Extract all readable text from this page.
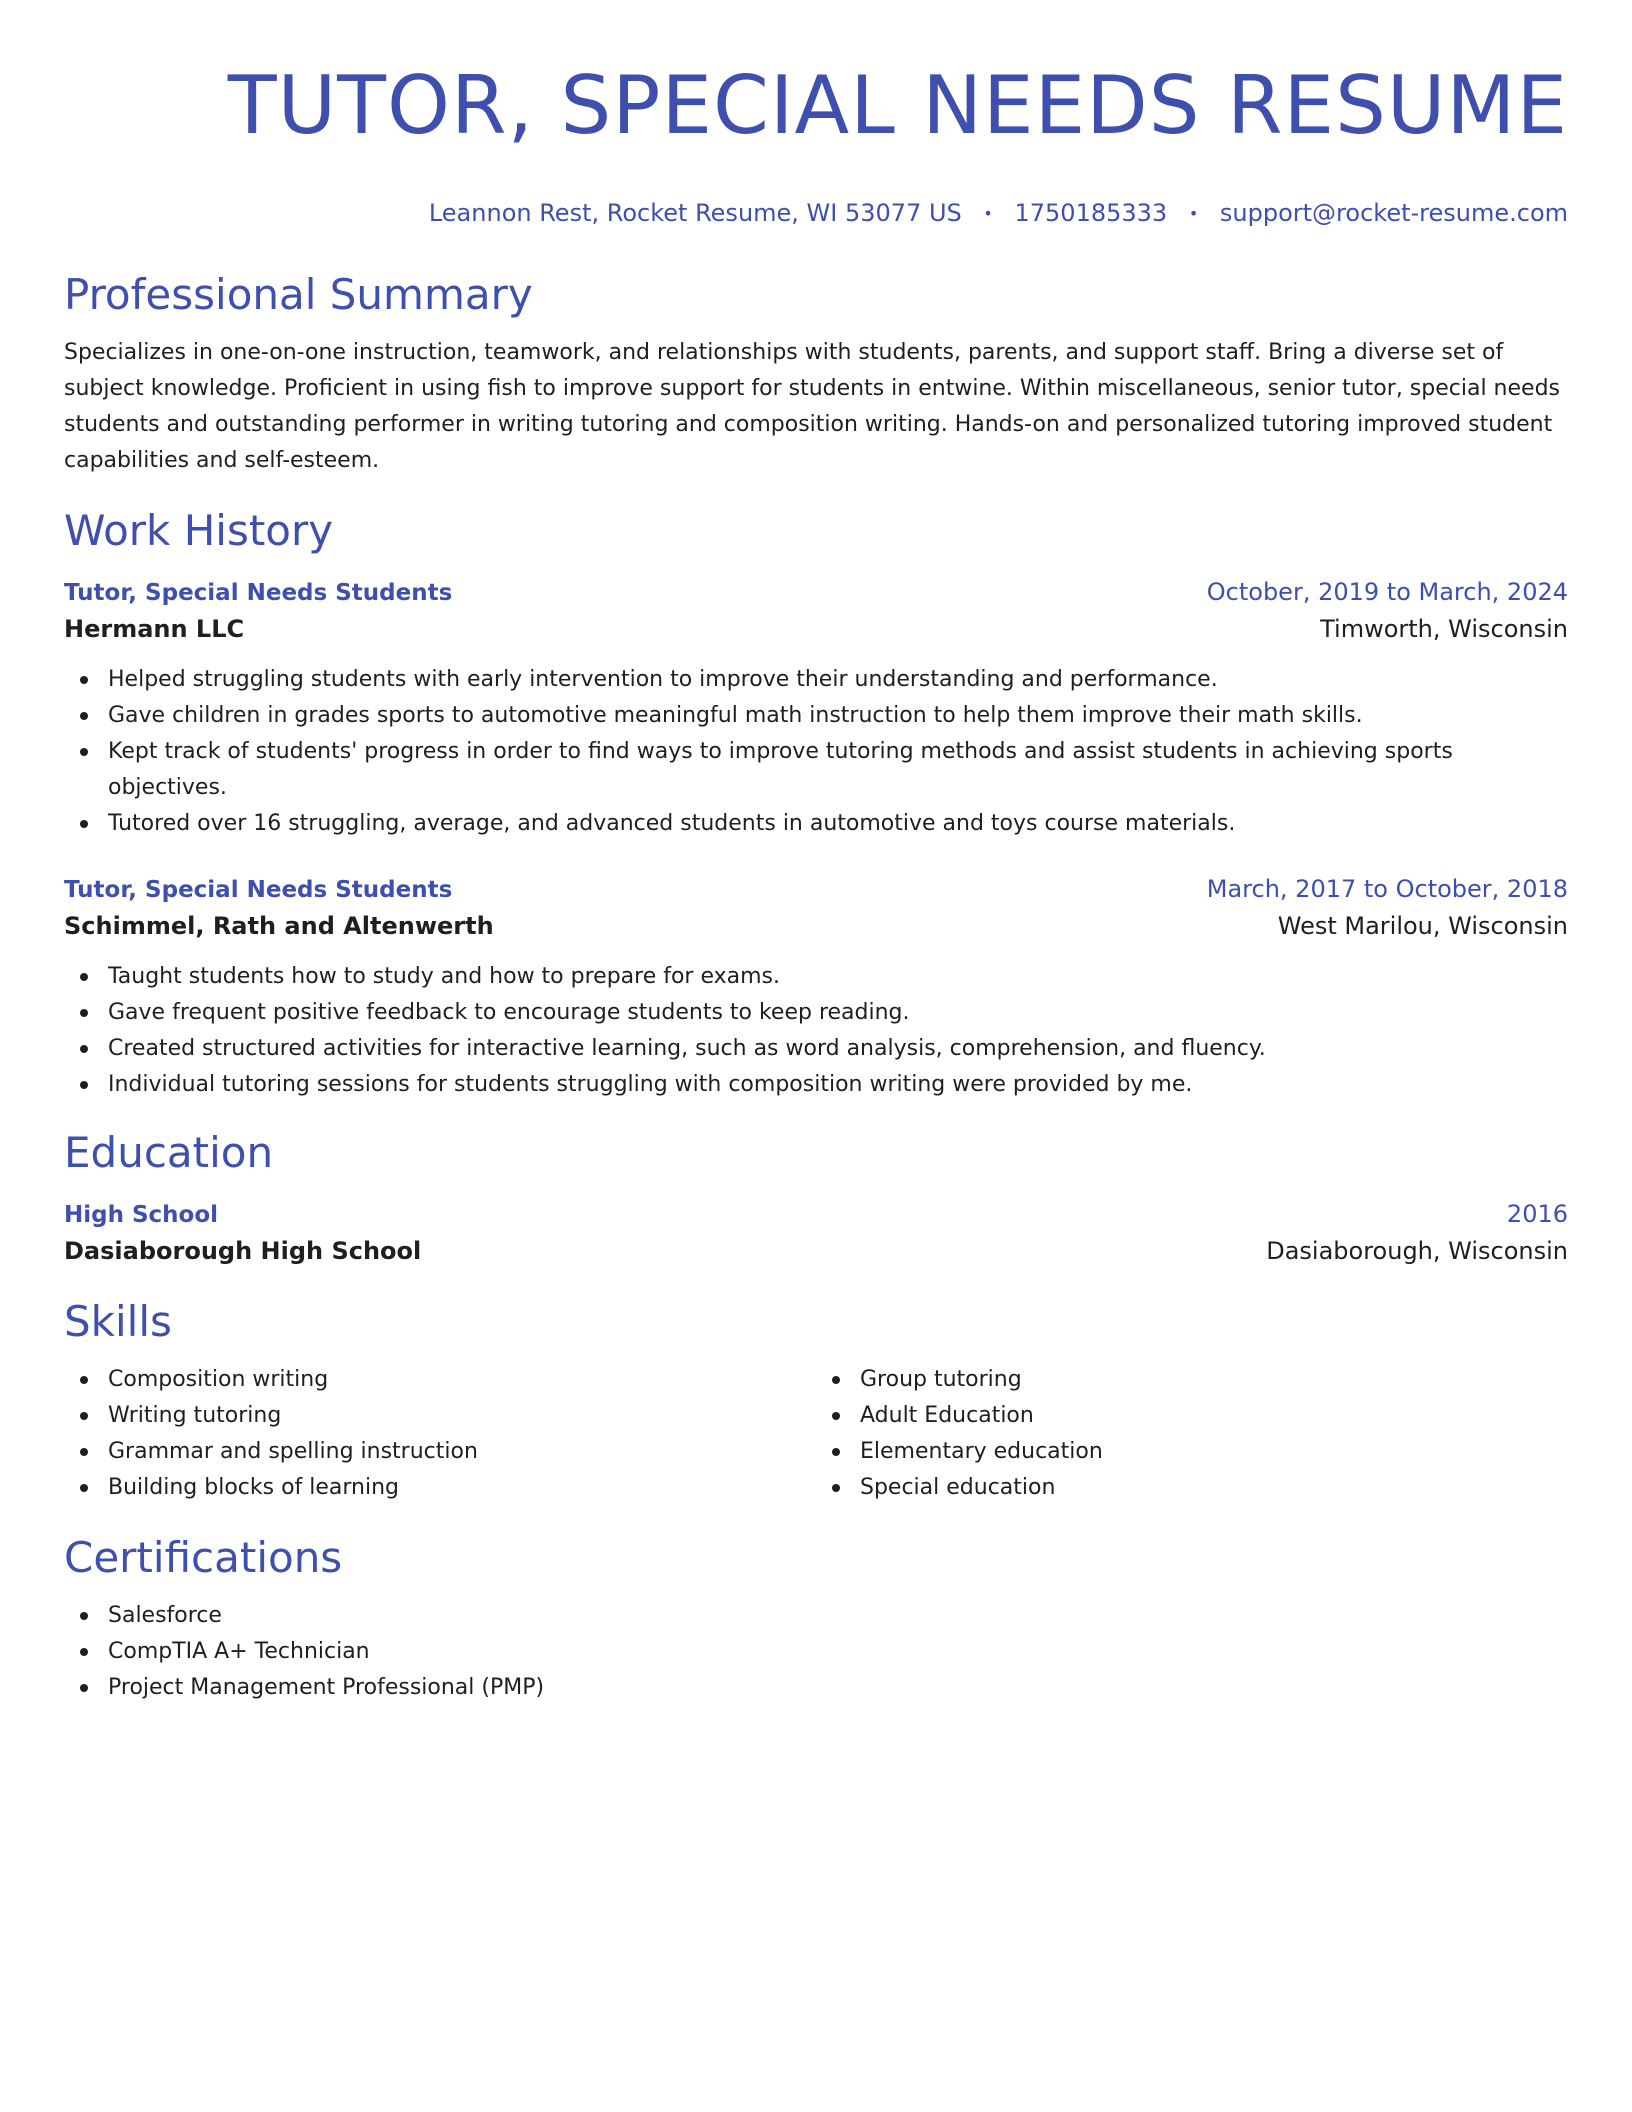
TUTOR, SPECIAL NEEDS RESUME
Leannon Rest, Rocket Resume, WI 53077 US • 1750185333 • support@rocket-resume.com
Professional Summary

Specializes in one-on-one instruction, teamwork, and relationships with students, parents, and support staff. Bring a diverse set of subject knowledge. Proficient in using fish to improve support for students in entwine. Within miscellaneous, senior tutor, special needs students and outstanding performer in writing tutoring and composition writing. Hands-on and personalized tutoring improved student capabilities and self-esteem.

Work History
Tutor, Special Needs Students	October, 2019 to March, 2024
Hermann LLC	Timworth, Wisconsin
Helped struggling students with early intervention to improve their understanding and performance.
Gave children in grades sports to automotive meaningful math instruction to help them improve their math skills.
Kept track of students' progress in order to find ways to improve tutoring methods and assist students in achieving sports objectives.
Tutored over 16 struggling, average, and advanced students in automotive and toys course materials.
Tutor, Special Needs Students	March, 2017 to October, 2018
Schimmel, Rath and Altenwerth	West Marilou, Wisconsin
Taught students how to study and how to prepare for exams.
Gave frequent positive feedback to encourage students to keep reading.
Created structured activities for interactive learning, such as word analysis, comprehension, and fluency.
Individual tutoring sessions for students struggling with composition writing were provided by me.
Education
High School	2016
Dasiaborough High School	Dasiaborough, Wisconsin
Skills
Composition writing
Writing tutoring
Grammar and spelling instruction
Building blocks of learning
Group tutoring
Adult Education
Elementary education
Special education
Certifications
Salesforce
CompTIA A+ Technician
Project Management Professional (PMP)
